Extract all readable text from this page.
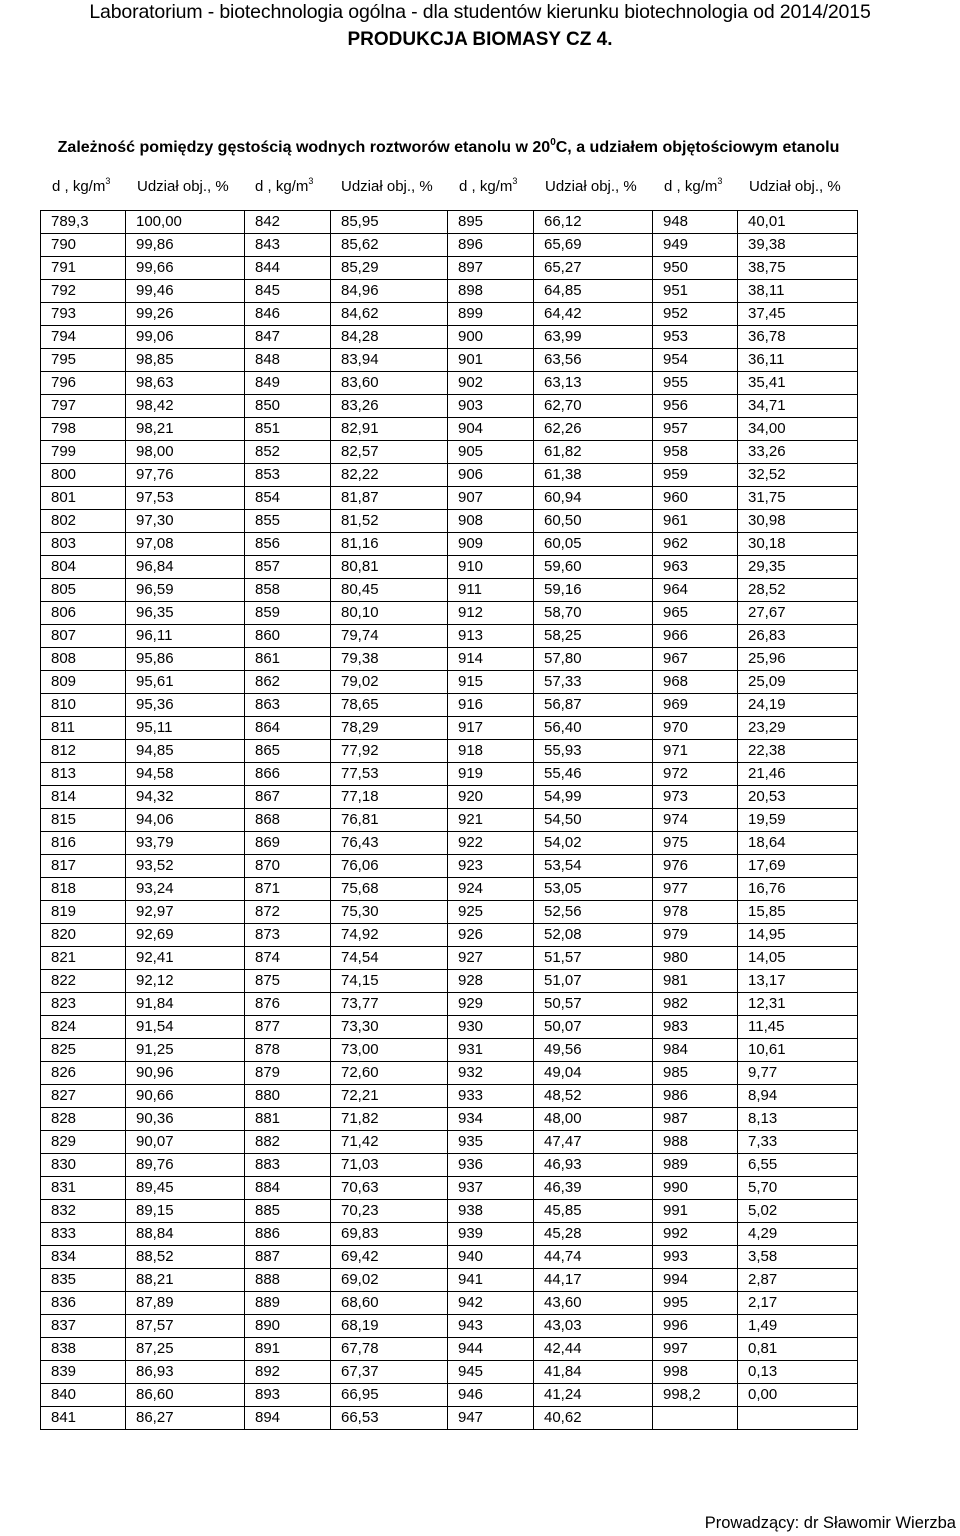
Laboratorium - biotechnologia ogólna - dla studentów kierunku biotechnologia od 2014/2015
PRODUKCJA BIOMASY CZ 4.
Zależność pomiędzy gęstością wodnych roztworów etanolu w $20^0C$, a udziałem objętościowym etanolu
d , $kg/m^3$ Udział obj., % d , $kg/m^3$ Udział obj., % d , $kg/m^3$ Udział obj., % d , $kg/m^3$ Udział obj., %
789,3	100,00	842	85,95	895	66,12	948	40,01
790	99,86	843	85,62	896	65,69	949	39,38
791	99,66	844	85,29	897	65,27	950	38,75
792	99,46	845	84,96	898	64,85	951	38,11
793	99,26	846	84,62	899	64,42	952	37,45
794	99,06	847	84,28	900	63,99	953	36,78
795	98,85	848	83,94	901	63,56	954	36,11
796	98,63	849	83,60	902	63,13	955	35,41
797	98,42	850	83,26	903	62,70	956	34,71
798	98,21	851	82,91	904	62,26	957	34,00
799	98,00	852	82,57	905	61,82	958	33,26
800	97,76	853	82,22	906	61,38	959	32,52
801	97,53	854	81,87	907	60,94	960	31,75
802	97,30	855	81,52	908	60,50	961	30,98
803	97,08	856	81,16	909	60,05	962	30,18
804	96,84	857	80,81	910	59,60	963	29,35
805	96,59	858	80,45	911	59,16	964	28,52
806	96,35	859	80,10	912	58,70	965	27,67
807	96,11	860	79,74	913	58,25	966	26,83
808	95,86	861	79,38	914	57,80	967	25,96
809	95,61	862	79,02	915	57,33	968	25,09
810	95,36	863	78,65	916	56,87	969	24,19
811	95,11	864	78,29	917	56,40	970	23,29
812	94,85	865	77,92	918	55,93	971	22,38
813	94,58	866	77,53	919	55,46	972	21,46
814	94,32	867	77,18	920	54,99	973	20,53
815	94,06	868	76,81	921	54,50	974	19,59
816	93,79	869	76,43	922	54,02	975	18,64
817	93,52	870	76,06	923	53,54	976	17,69
818	93,24	871	75,68	924	53,05	977	16,76
819	92,97	872	75,30	925	52,56	978	15,85
820	92,69	873	74,92	926	52,08	979	14,95
821	92,41	874	74,54	927	51,57	980	14,05
822	92,12	875	74,15	928	51,07	981	13,17
823	91,84	876	73,77	929	50,57	982	12,31
824	91,54	877	73,30	930	50,07	983	11,45
825	91,25	878	73,00	931	49,56	984	10,61
826	90,96	879	72,60	932	49,04	985	9,77
827	90,66	880	72,21	933	48,52	986	8,94
828	90,36	881	71,82	934	48,00	987	8,13
829	90,07	882	71,42	935	47,47	988	7,33
830	89,76	883	71,03	936	46,93	989	6,55
831	89,45	884	70,63	937	46,39	990	5,70
832	89,15	885	70,23	938	45,85	991	5,02
833	88,84	886	69,83	939	45,28	992	4,29
834	88,52	887	69,42	940	44,74	993	3,58
835	88,21	888	69,02	941	44,17	994	2,87
836	87,89	889	68,60	942	43,60	995	2,17
837	87,57	890	68,19	943	43,03	996	1,49
838	87,25	891	67,78	944	42,44	997	0,81
839	86,93	892	67,37	945	41,84	998	0,13
840	86,60	893	66,95	946	41,24	998,2	0,00
841	86,27	894	66,53	947	40,62		
Prowadzący: dr Sławomir Wierzba
